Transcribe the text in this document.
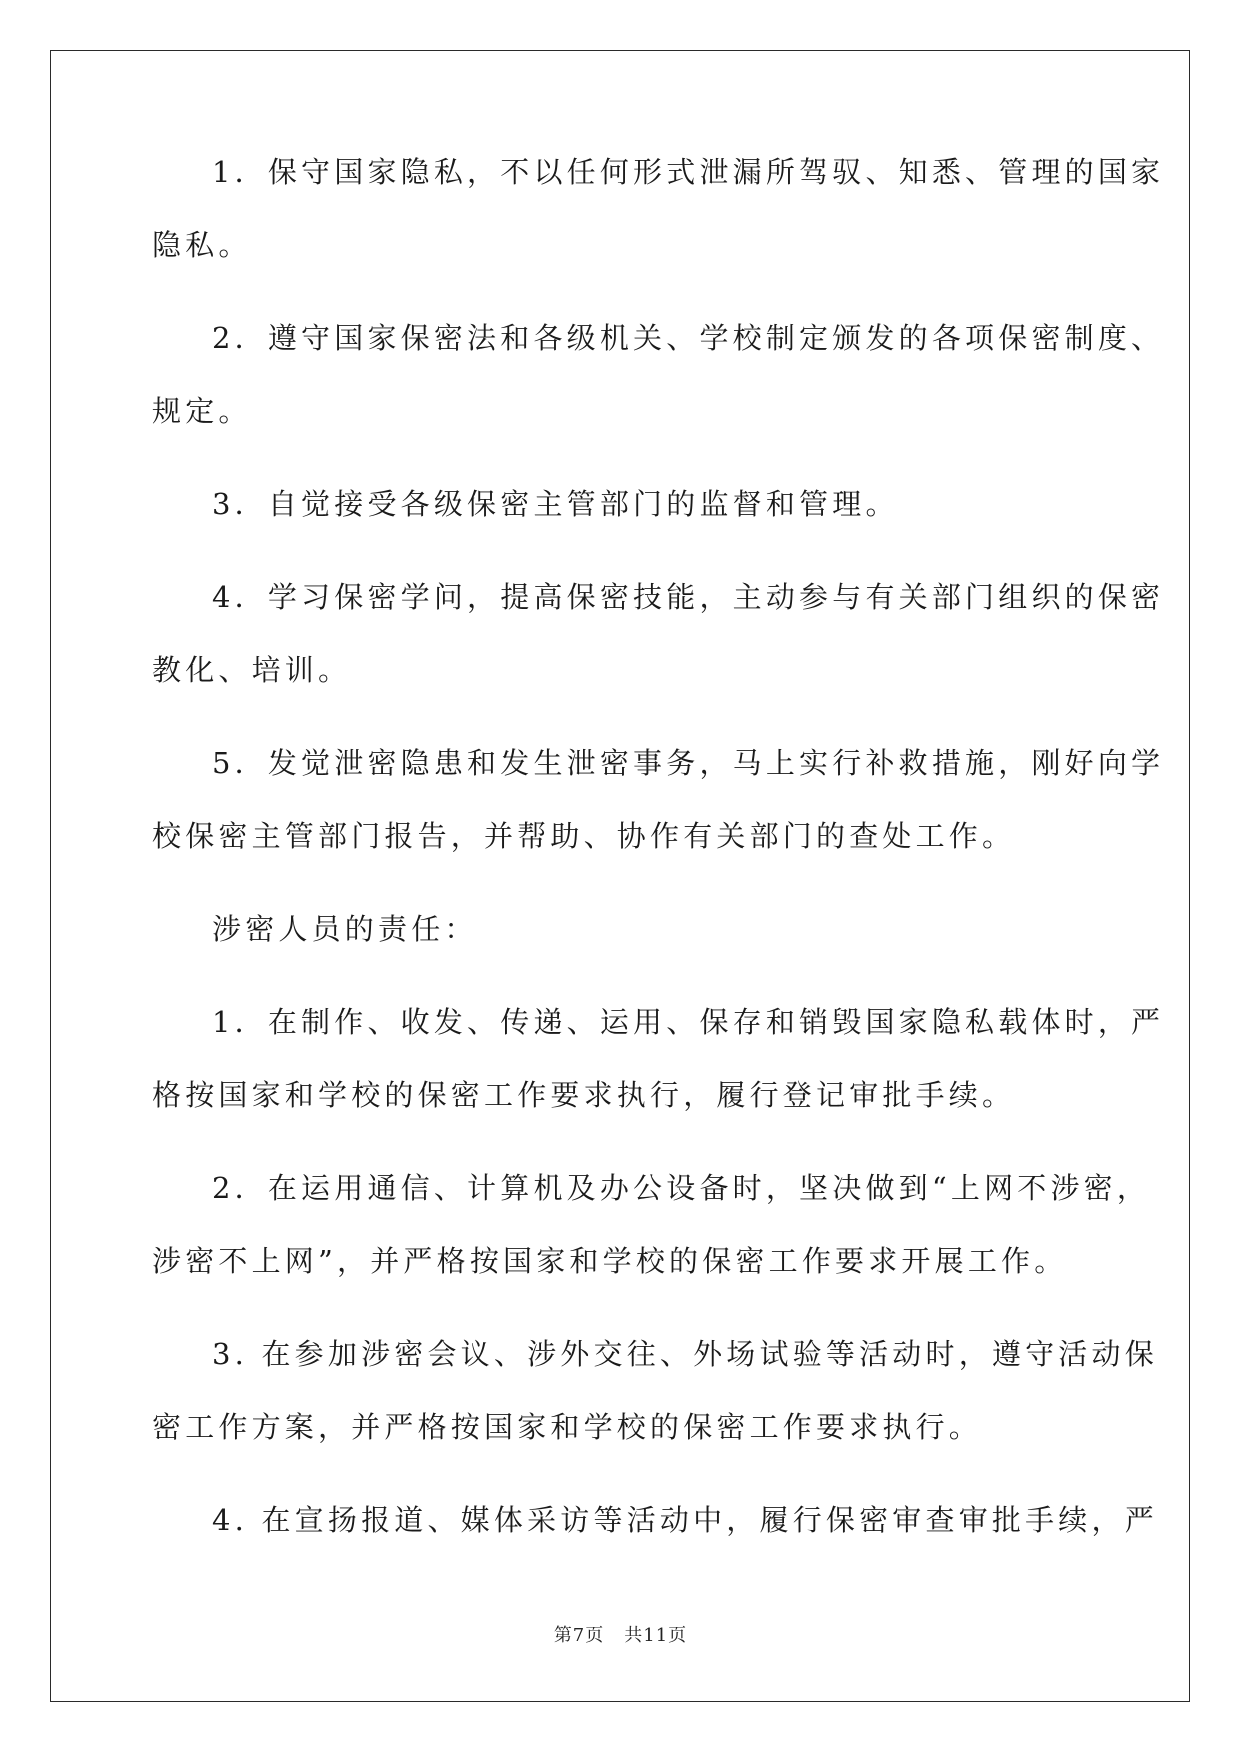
1．保守国家隐私，不以任何形式泄漏所驾驭、知悉、管理的国家

隐私。

2．遵守国家保密法和各级机关、学校制定颁发的各项保密制度、

规定。

3．自觉接受各级保密主管部门的监督和管理。

4．学习保密学问，提高保密技能，主动参与有关部门组织的保密

教化、培训。

5．发觉泄密隐患和发生泄密事务，马上实行补救措施，刚好向学

校保密主管部门报告，并帮助、协作有关部门的查处工作。

涉密人员的责任：

1．在制作、收发、传递、运用、保存和销毁国家隐私载体时，严

格按国家和学校的保密工作要求执行，履行登记审批手续。

2．在运用通信、计算机及办公设备时，坚决做到“上网不涉密，

涉密不上网”，并严格按国家和学校的保密工作要求开展工作。

3. 在参加涉密会议、涉外交往、外场试验等活动时，遵守活动保

密工作方案，并严格按国家和学校的保密工作要求执行。

4. 在宣扬报道、媒体采访等活动中，履行保密审查审批手续，严

第7页 共11页
